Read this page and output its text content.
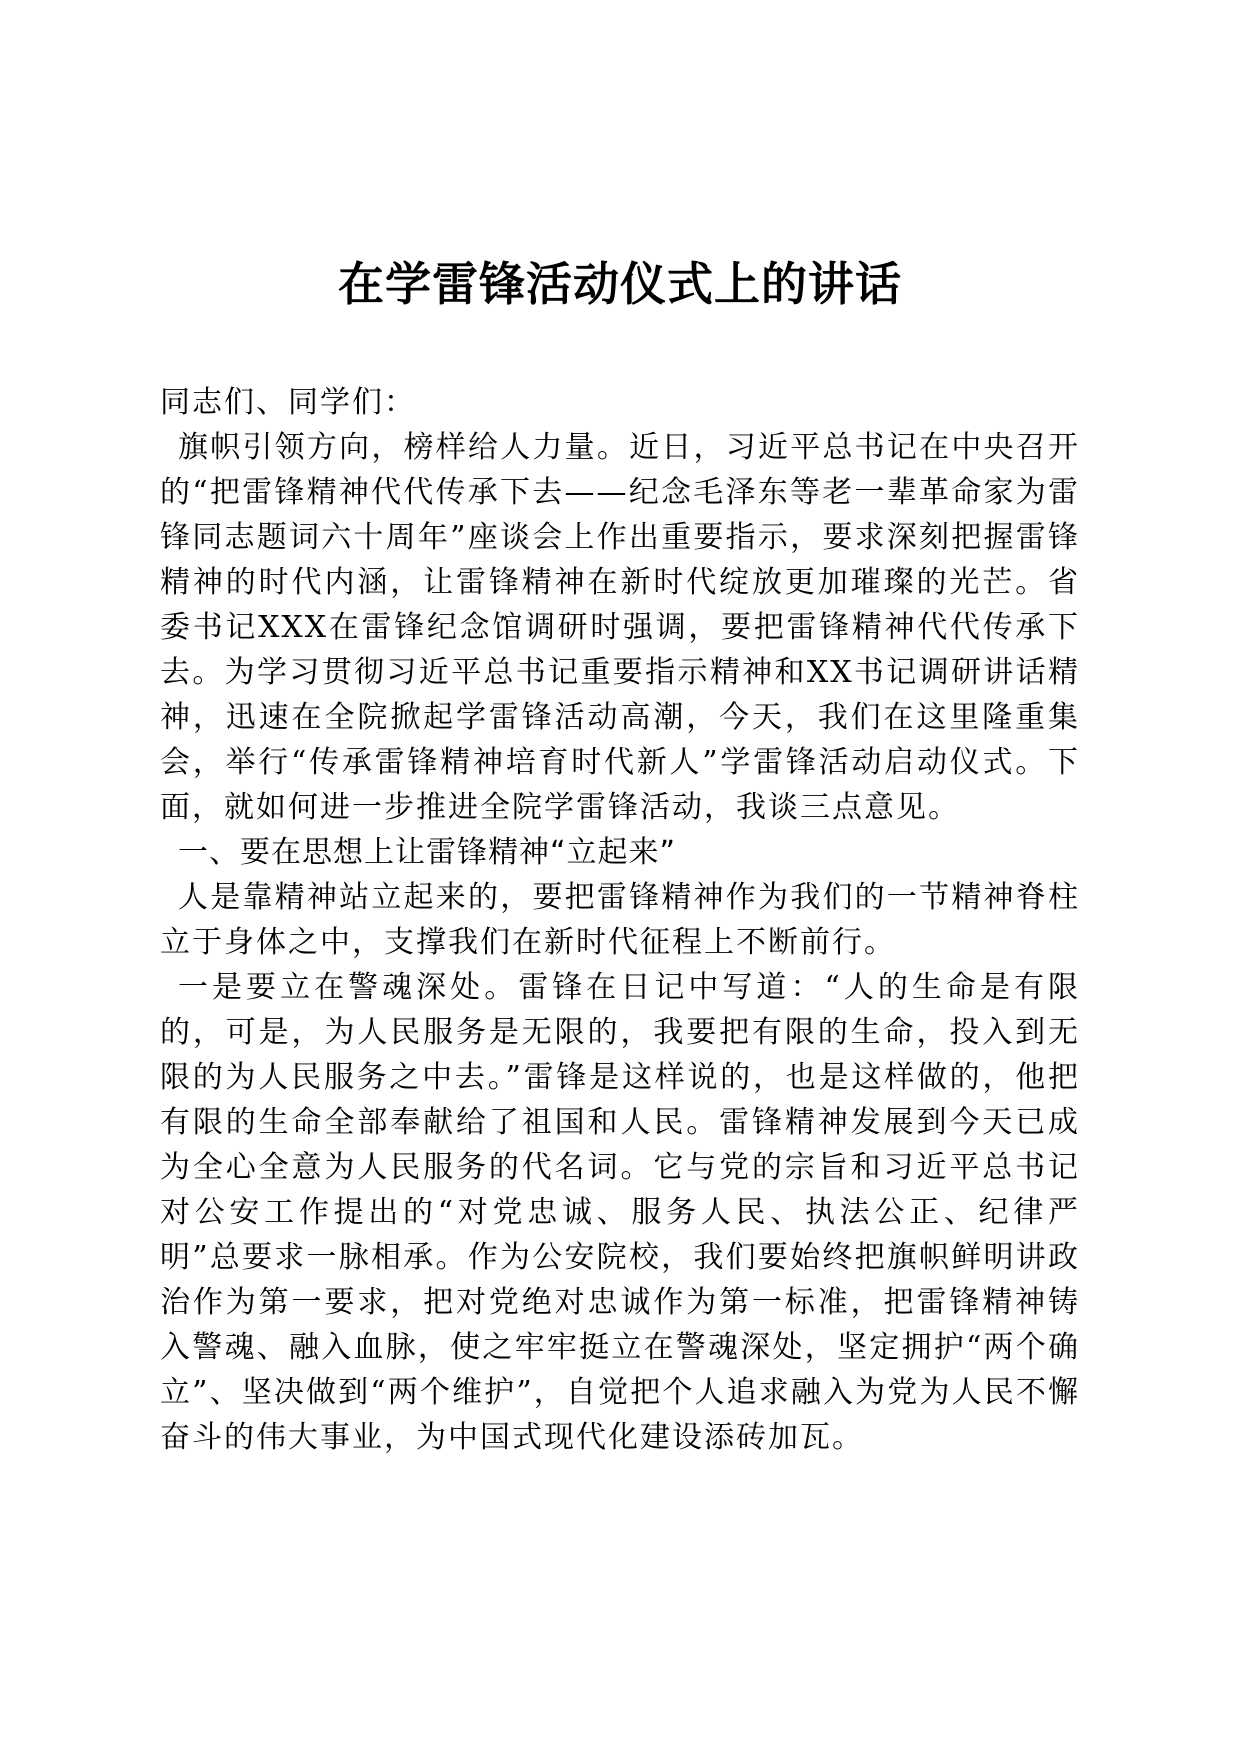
在学雷锋活动仪式上的讲话

同志们、同学们：

旗帜引领方向，榜样给人力量。近日，习近平总书记在中央召开的“把雷锋精神代代传承下去——纪念毛泽东等老一辈革命家为雷锋同志题词六十周年”座谈会上作出重要指示，要求深刻把握雷锋精神的时代内涵，让雷锋精神在新时代绽放更加璀璨的光芒。省委书记XXX在雷锋纪念馆调研时强调，要把雷锋精神代代传承下去。为学习贯彻习近平总书记重要指示精神和XX书记调研讲话精神，迅速在全院掀起学雷锋活动高潮，今天，我们在这里隆重集会，举行“传承雷锋精神培育时代新人”学雷锋活动启动仪式。下面，就如何进一步推进全院学雷锋活动，我谈三点意见。

一、要在思想上让雷锋精神“立起来”

人是靠精神站立起来的，要把雷锋精神作为我们的一节精神脊柱立于身体之中，支撑我们在新时代征程上不断前行。

一是要立在警魂深处。雷锋在日记中写道：“人的生命是有限的，可是，为人民服务是无限的，我要把有限的生命，投入到无限的为人民服务之中去。”雷锋是这样说的，也是这样做的，他把有限的生命全部奉献给了祖国和人民。雷锋精神发展到今天已成为全心全意为人民服务的代名词。它与党的宗旨和习近平总书记对公安工作提出的“对党忠诚、服务人民、执法公正、纪律严明”总要求一脉相承。作为公安院校，我们要始终把旗帜鲜明讲政治作为第一要求，把对党绝对忠诚作为第一标准，把雷锋精神铸入警魂、融入血脉，使之牢牢挺立在警魂深处，坚定拥护“两个确立”、坚决做到“两个维护”，自觉把个人追求融入为党为人民不懈奋斗的伟大事业，为中国式现代化建设添砖加瓦。
